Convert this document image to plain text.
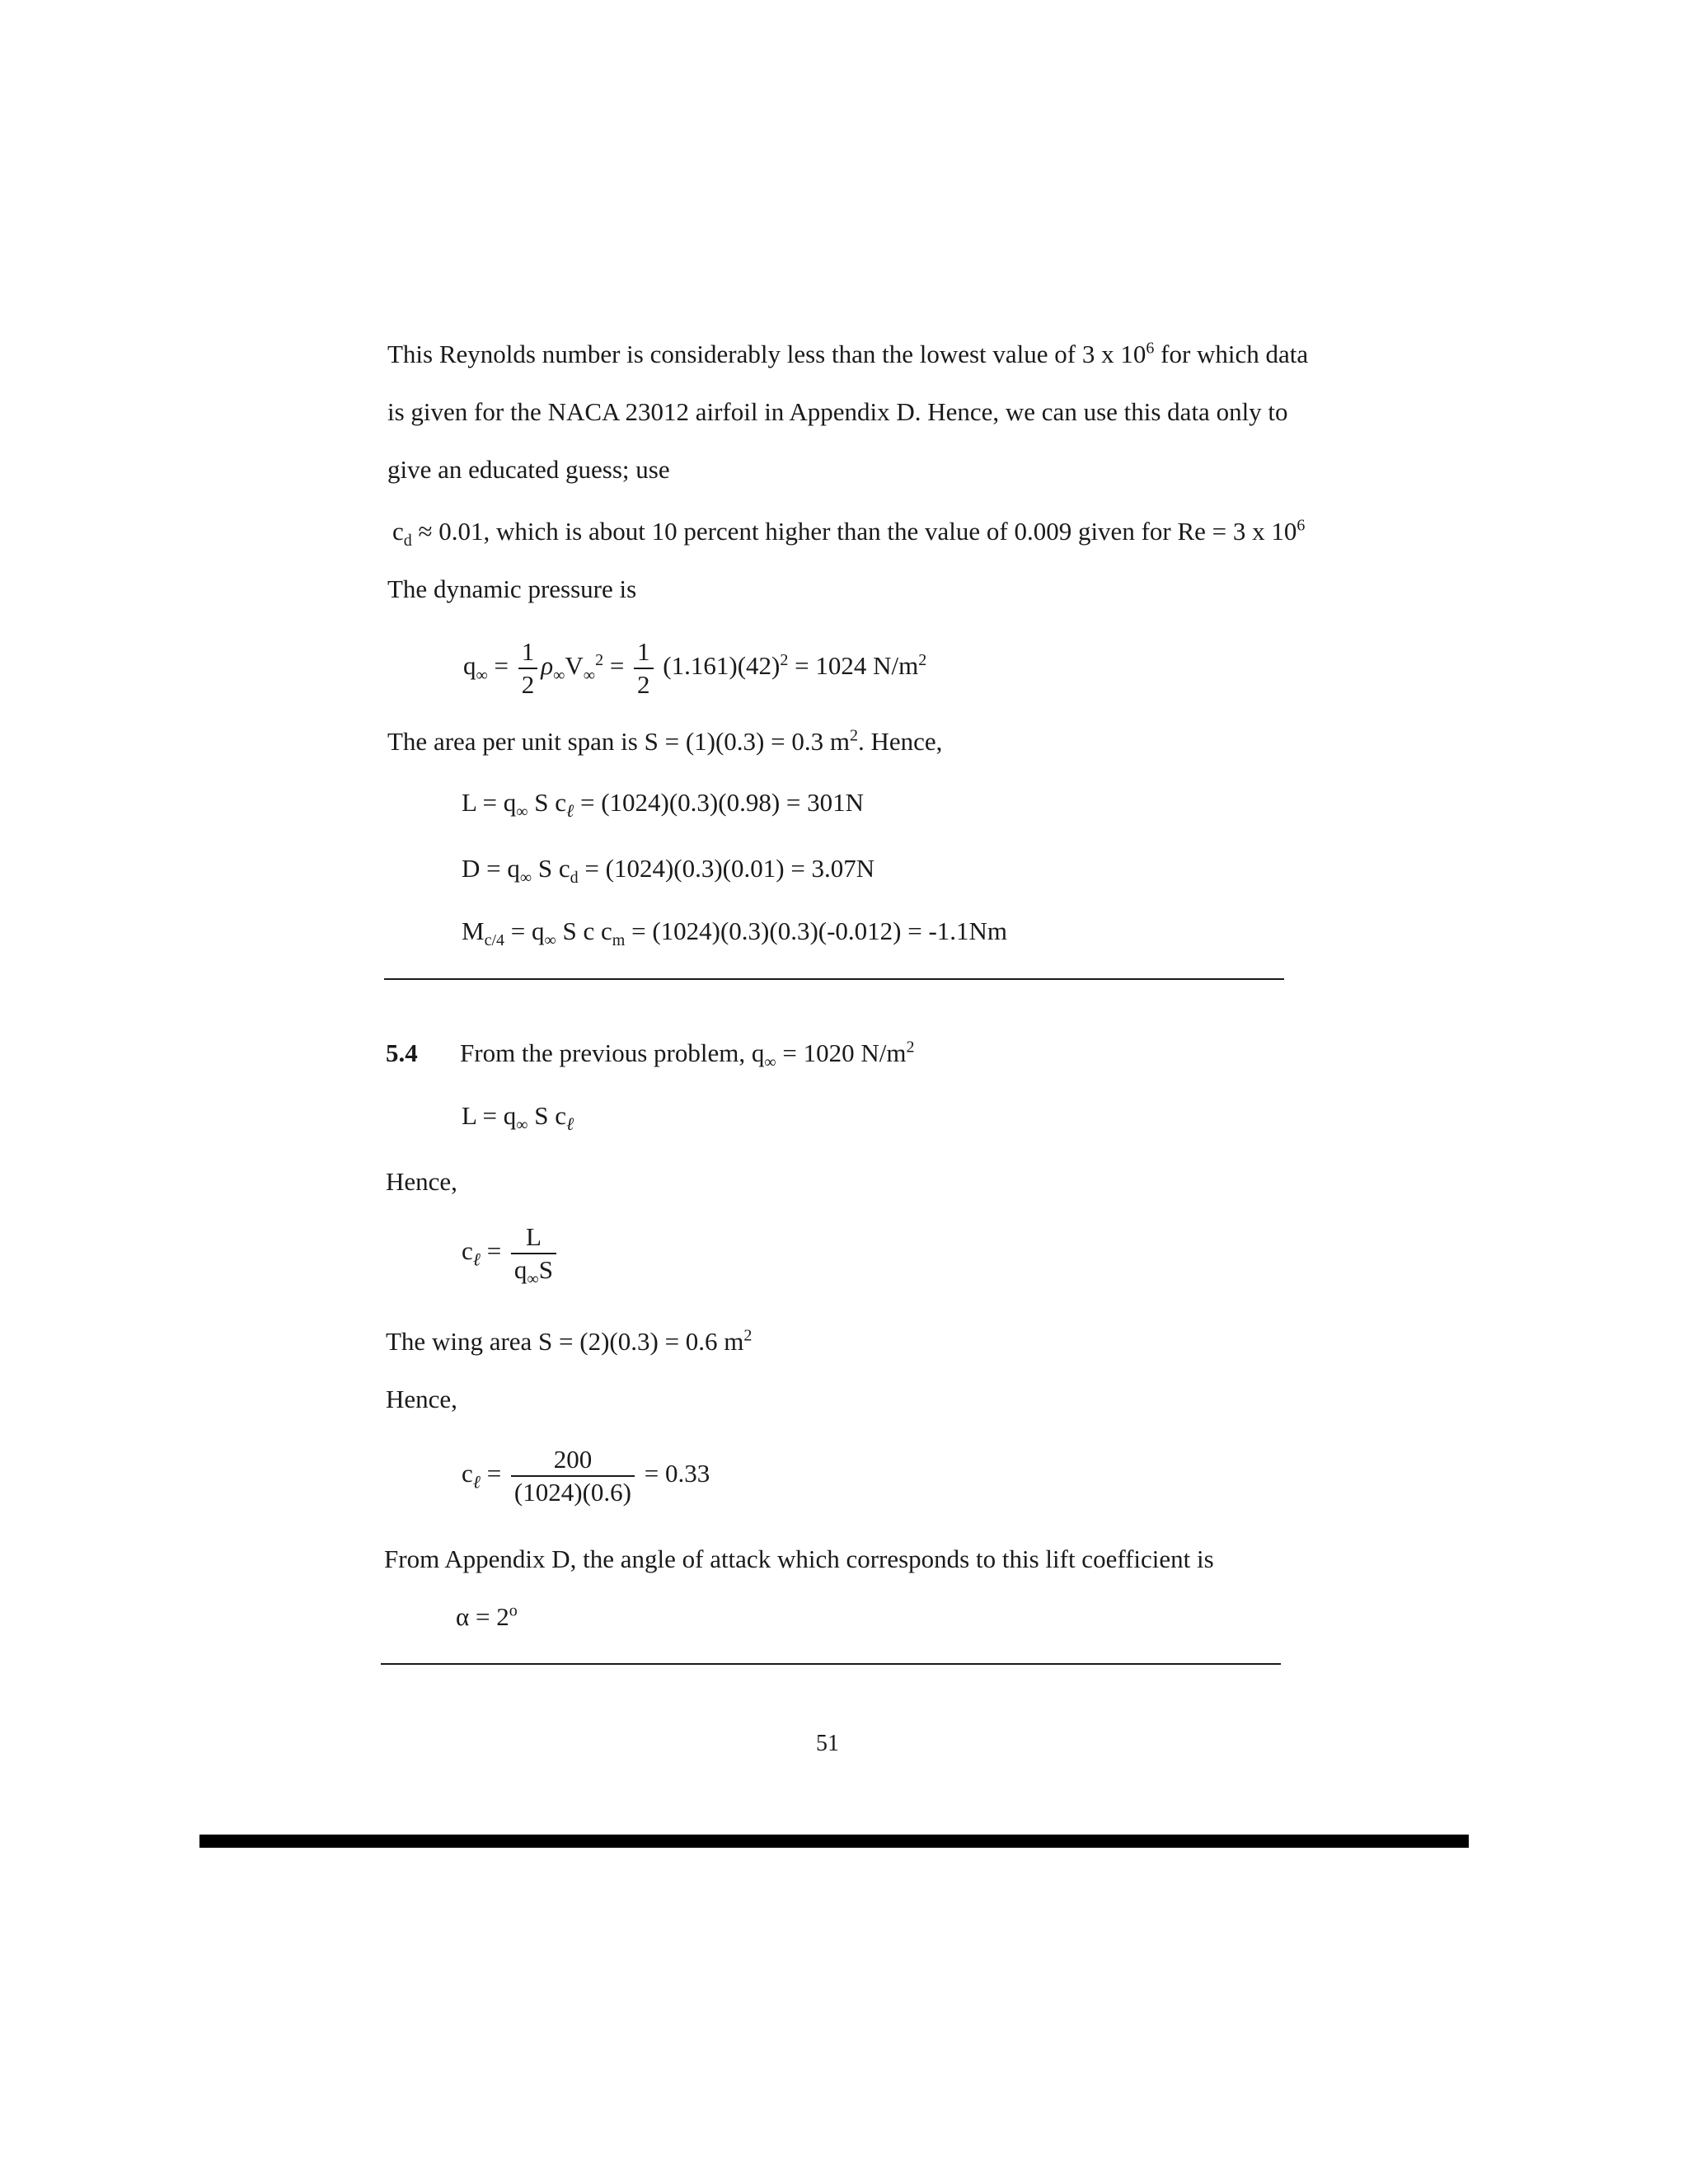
This Reynolds number is considerably less than the lowest value of 3 x $10^6$ for which data
is given for the NACA 23012 airfoil in Appendix D. Hence, we can use this data only to
give an educated guess; use
$c_d \approx 0.01$, which is about 10 percent higher than the value of 0.009 given for Re = 3 x $10^6$
The dynamic pressure is
$q_\infty = \frac{1}{2} \rho_\infty V_\infty^2 = \frac{1}{2} (1.161)(42)^2 = 1024$ $N/m^2$
The area per unit span is S = (1)(0.3) = 0.3 $m^2$. Hence,
$L = q_\infty$ S $c_\ell = (1024)(0.3)(0.98) = 301N$
$D = q_\infty$ S $c_d = (1024)(0.3)(0.01) = 3.07N$
$M_{c/4} = q_\infty$ S c $c_m = (1024)(0.3)(0.3)(-0.012) = -1.1Nm$
5.4 From the previous problem, $q_\infty = 1020$ $N/m^2$
$L = q_\infty$ S $c_\ell$
Hence,
$c_\ell = \frac{L}{q_\infty S}$
The wing area S = (2)(0.3) = 0.6 $m^2$
Hence,
$c_\ell = \frac{200}{(1024)(0.6)} = 0.33$
From Appendix D, the angle of attack which corresponds to this lift coefficient is
$\alpha = 2^o$
51
